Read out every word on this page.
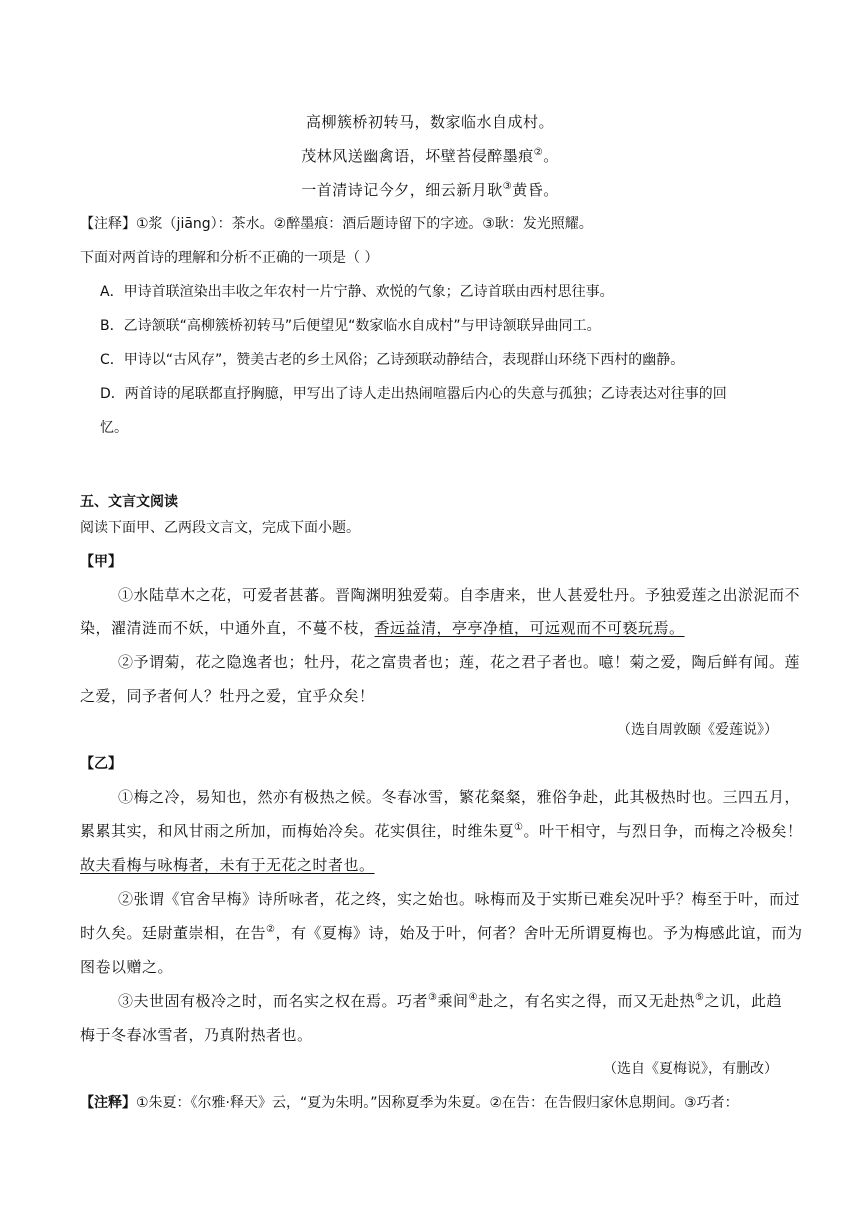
高柳簇桥初转马，数家临水自成村。
茂林风送幽禽语，坏壁苔侵醉墨痕②。
一首清诗记今夕，细云新月耿③黄昏。
【注释】①浆（jiāng）：茶水。②醉墨痕：酒后题诗留下的字迹。③耿：发光照耀。
下面对两首诗的理解和分析不正确的一项是（ ）
A．甲诗首联渲染出丰收之年农村一片宁静、欢悦的气象；乙诗首联由西村思往事。
B．乙诗颔联“高柳簇桥初转马”后便望见“数家临水自成村”与甲诗颔联异曲同工。
C．甲诗以“古风存”，赞美古老的乡土风俗；乙诗颈联动静结合，表现群山环绕下西村的幽静。
D．两首诗的尾联都直抒胸臆，甲写出了诗人走出热闹喧嚣后内心的失意与孤独；乙诗表达对往事的回
忆。
五、文言文阅读
阅读下面甲、乙两段文言文，完成下面小题。
【甲】
①水陆草木之花，可爱者甚蕃。晋陶渊明独爱菊。自李唐来，世人甚爱牡丹。予独爱莲之出淤泥而不
染，濯清涟而不妖，中通外直，不蔓不枝，香远益清，亭亭净植，可远观而不可亵玩焉。
②予谓菊，花之隐逸者也；牡丹，花之富贵者也；莲，花之君子者也。噫！菊之爱，陶后鲜有闻。莲
之爱，同予者何人？牡丹之爱，宜乎众矣！
（选自周敦颐《爱莲说》）
【乙】
①梅之冷，易知也，然亦有极热之候。冬春冰雪，繁花粲粲，雅俗争赴，此其极热时也。三四五月，
累累其实，和风甘雨之所加，而梅始冷矣。花实俱往，时维朱夏①。叶干相守，与烈日争，而梅之冷极矣！
故夫看梅与咏梅者，未有于无花之时者也。
②张谓《官舍早梅》诗所咏者，花之终，实之始也。咏梅而及于实斯已难矣况叶乎？梅至于叶，而过
时久矣。廷尉董崇相，在告②，有《夏梅》诗，始及于叶，何者？舍叶无所谓夏梅也。予为梅感此谊，而为
图卷以赠之。
③夫世固有极冷之时，而名实之权在焉。巧者③乘间④赴之，有名实之得，而又无赴热⑤之讥，此趋
梅于冬春冰雪者，乃真附热者也。
（选自《夏梅说》，有删改）
【注释】①朱夏：《尔雅·释天》云，“夏为朱明。”因称夏季为朱夏。②在告：在告假归家休息期间。③巧者：
